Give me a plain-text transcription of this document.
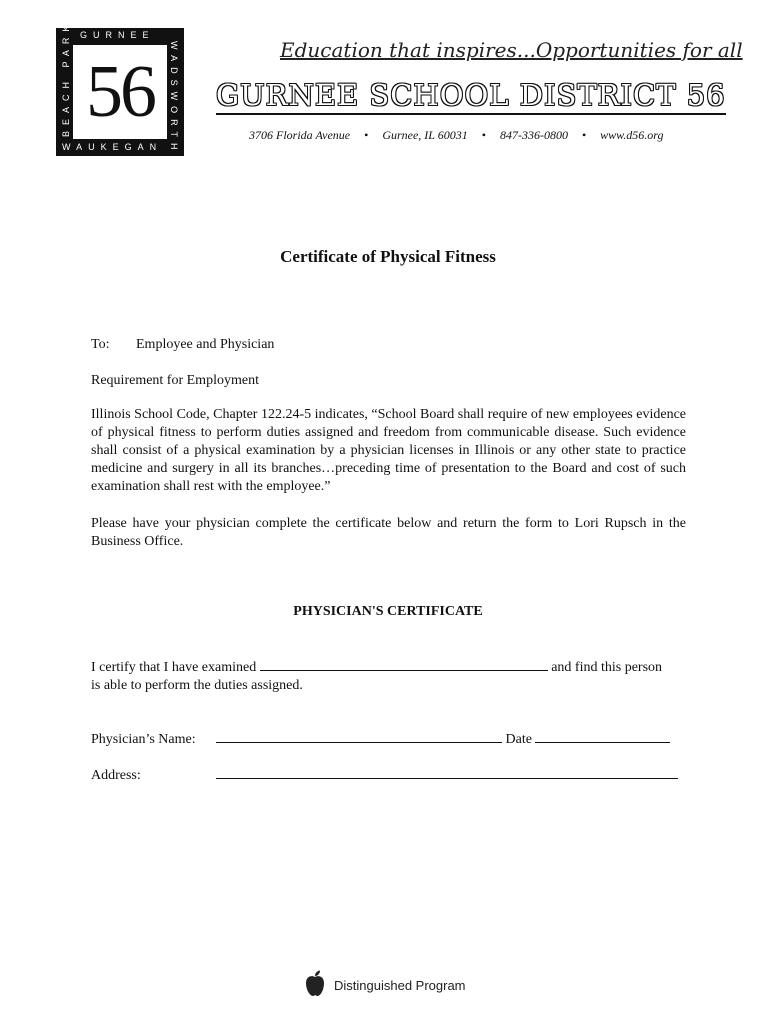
56
GURNEE
WAUKEGAN
BEACH PARK	WADSWORTH	Education that inspires...Opportunities for all
GURNEE SCHOOL DISTRICT 56
3706 Florida Avenue • Gurnee, IL 60031 • 847-336-0800 • www.d56.org
Certificate of Physical Fitness
To: Employee and Physician
Requirement for Employment
Illinois School Code, Chapter 122.24-5 indicates, “School Board shall require of new employees evidence of physical fitness to perform duties assigned and freedom from communicable disease. Such evidence shall consist of a physical examination by a physician licenses in Illinois or any other state to practice medicine and surgery in all its branches…preceding time of presentation to the Board and cost of such examination shall rest with the employee.”
Please have your physician complete the certificate below and return the form to Lori Rupsch in the Business Office.
PHYSICIAN'S CERTIFICATE
I certify that I have examined	and find this person
is able to perform the duties assigned.
Physician’s Name:	Date
Address:
Distinguished Program
